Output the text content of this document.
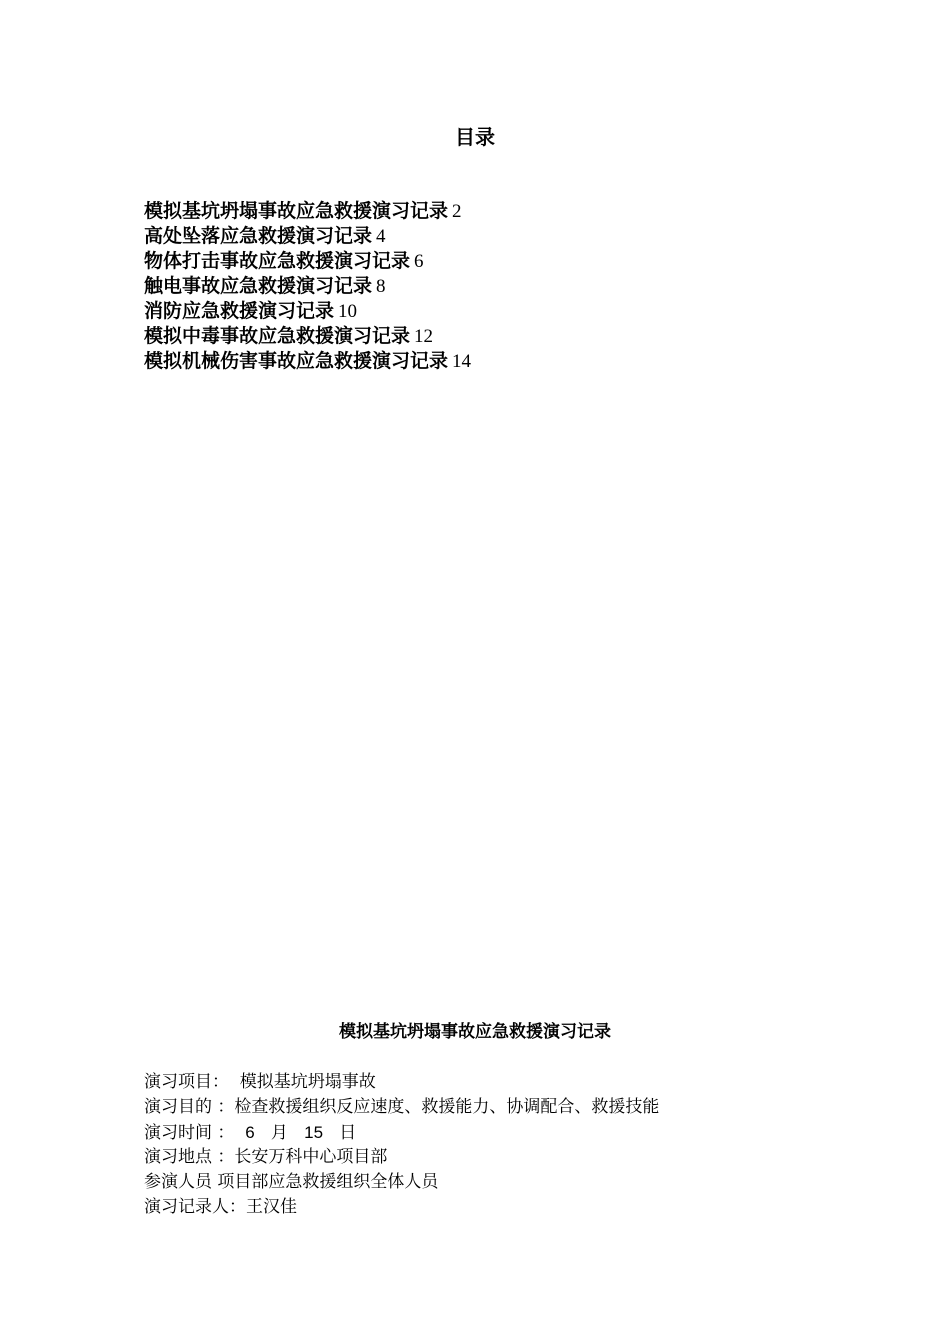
目录
模拟基坑坍塌事故应急救援演习记录 2
高处坠落应急救援演习记录 4
物体打击事故应急救援演习记录 6
触电事故应急救援演习记录 8
消防应急救援演习记录 10
模拟中毒事故应急救援演习记录 12
模拟机械伤害事故应急救援演习记录 14
模拟基坑坍塌事故应急救援演习记录
演习项目：  模拟基坑坍塌事故
演习目的 ：检查救援组织反应速度、救援能力、协调配合、救援技能
演习时间 ：  6 月 15 日
演习地点 ：长安万科中心项目部
参演人员 项目部应急救援组织全体人员
演习记录人：王汉佳
